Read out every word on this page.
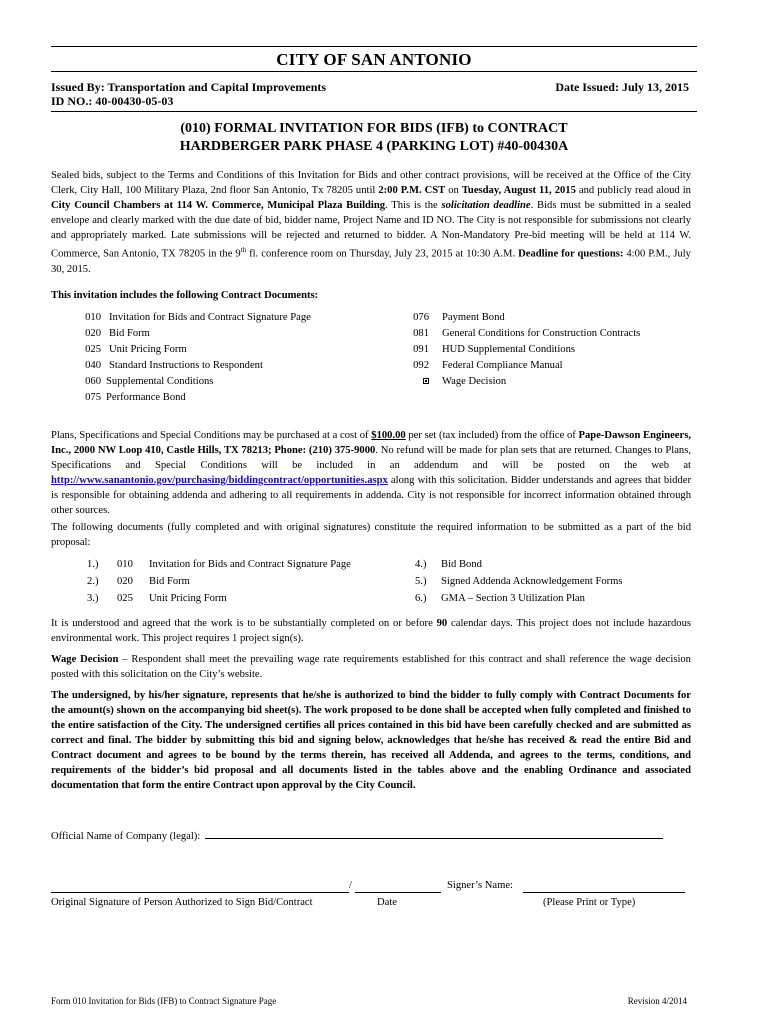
CITY OF SAN ANTONIO
Issued By: Transportation and Capital Improvements
ID NO.: 40-00430-05-03
Date Issued: July 13, 2015
(010) FORMAL INVITATION FOR BIDS (IFB) to CONTRACT
HARDBERGER PARK PHASE 4 (PARKING LOT) #40-00430A
Sealed bids, subject to the Terms and Conditions of this Invitation for Bids and other contract provisions, will be received at the Office of the City Clerk, City Hall, 100 Military Plaza, 2nd floor San Antonio, Tx 78205 until 2:00 P.M. CST on Tuesday, August 11, 2015 and publicly read aloud in City Council Chambers at 114 W. Commerce, Municipal Plaza Building. This is the solicitation deadline. Bids must be submitted in a sealed envelope and clearly marked with the due date of bid, bidder name, Project Name and ID NO. The City is not responsible for submissions not clearly and appropriately marked. Late submissions will be rejected and returned to bidder. A Non-Mandatory Pre-bid meeting will be held at 114 W. Commerce, San Antonio, TX 78205 in the 9th fl. conference room on Thursday, July 23, 2015 at 10:30 A.M. Deadline for questions: 4:00 P.M., July 30, 2015.
This invitation includes the following Contract Documents:
010 Invitation for Bids and Contract Signature Page
020 Bid Form
025 Unit Pricing Form
040 Standard Instructions to Respondent
060 Supplemental Conditions
075 Performance Bond
076	Payment Bond
081	General Conditions for Construction Contracts
091	HUD Supplemental Conditions
092	Federal Compliance Manual
Wage Decision
Plans, Specifications and Special Conditions may be purchased at a cost of $100.00 per set (tax included) from the office of Pape-Dawson Engineers, Inc., 2000 NW Loop 410, Castle Hills, TX 78213; Phone: (210) 375-9000. No refund will be made for plan sets that are returned. Changes to Plans, Specifications and Special Conditions will be included in an addendum and will be posted on the web at http://www.sanantonio.gov/purchasing/biddingcontract/opportunities.aspx along with this solicitation. Bidder understands and agrees that bidder is responsible for obtaining addenda and adhering to all requirements in addenda. City is not responsible for incorrect information obtained through other sources.
The following documents (fully completed and with original signatures) constitute the required information to be submitted as a part of the bid proposal:
1.)	010	Invitation for Bids and Contract Signature Page
2.)	020	Bid Form
3.)	025	Unit Pricing Form
4.)	Bid Bond
5.)	Signed Addenda Acknowledgement Forms
6.)	GMA – Section 3 Utilization Plan
It is understood and agreed that the work is to be substantially completed on or before 90 calendar days. This project does not include hazardous environmental work. This project requires 1 project sign(s).
Wage Decision – Respondent shall meet the prevailing wage rate requirements established for this contract and shall reference the wage decision posted with this solicitation on the City’s website.
The undersigned, by his/her signature, represents that he/she is authorized to bind the bidder to fully comply with Contract Documents for the amount(s) shown on the accompanying bid sheet(s). The work proposed to be done shall be accepted when fully completed and finished to the entire satisfaction of the City. The undersigned certifies all prices contained in this bid have been carefully checked and are submitted as correct and final. The bidder by submitting this bid and signing below, acknowledges that he/she has received & read the entire Bid and Contract document and agrees to be bound by the terms therein, has received all Addenda, and agrees to the terms, conditions, and requirements of the bidder’s bid proposal and all documents listed in the tables above and the enabling Ordinance and associated documentation that form the entire Contract upon approval by the City Council.
Official Name of Company (legal):
/	Signer’s Name:
Original Signature of Person Authorized to Sign Bid/Contract	Date	(Please Print or Type)
Form 010 Invitation for Bids (IFB) to Contract Signature Page	Revision 4/2014
